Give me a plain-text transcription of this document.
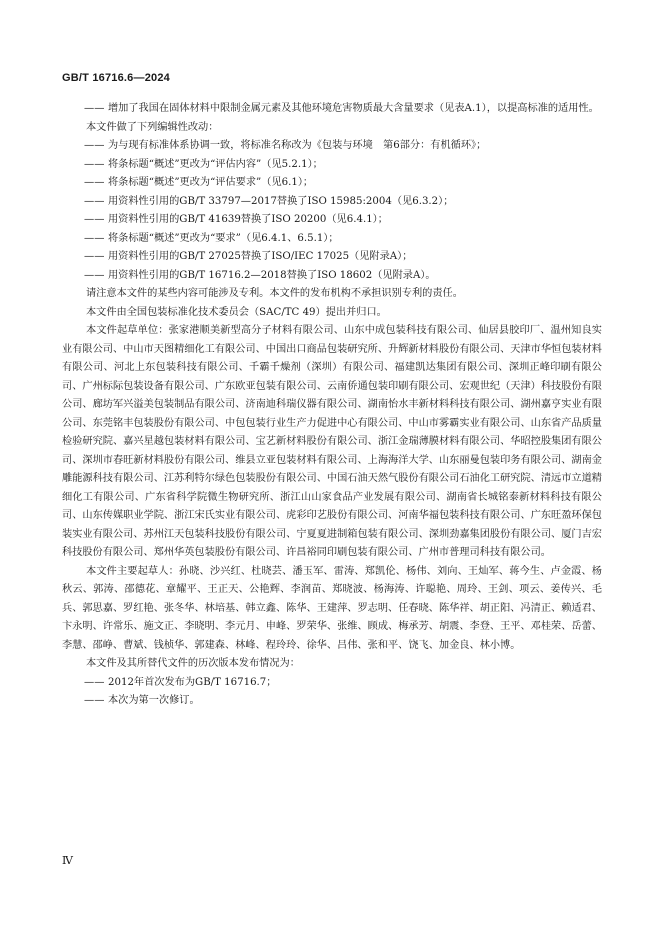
GB/T 16716.6—2024
—— 增加了我国在固体材料中限制金属元素及其他环境危害物质最大含量要求（见表A.1），以提高标准的适用性。
本文件做了下列编辑性改动：
—— 为与现有标准体系协调一致，将标准名称改为《包装与环境　第6部分：有机循环》；
—— 将条标题“概述”更改为“评估内容”（见5.2.1）；
—— 将条标题“概述”更改为“评估要求”（见6.1）；
—— 用资料性引用的GB/T 33797—2017替换了ISO 15985:2004（见6.3.2）；
—— 用资料性引用的GB/T 41639替换了ISO 20200（见6.4.1）；
—— 将条标题“概述”更改为“要求”（见6.4.1、6.5.1）；
—— 用资料性引用的GB/T 27025替换了ISO/IEC 17025（见附录A）；
—— 用资料性引用的GB/T 16716.2—2018替换了ISO 18602（见附录A）。
请注意本文件的某些内容可能涉及专利。本文件的发布机构不承担识别专利的责任。
本文件由全国包装标准化技术委员会（SAC/TC 49）提出并归口。
本文件起草单位：张家港顺美新型高分子材料有限公司、山东中成包装科技有限公司、仙居县胶印厂、温州知良实业有限公司、中山市天图精细化工有限公司、中国出口商品包装研究所、升辉新材料股份有限公司、天津市华恒包装材料有限公司、河北上东包装科技有限公司、千霸千燥剂（深圳）有限公司、福建凯达集团有限公司、深圳正峰印刷有限公司、广州标际包装设备有限公司、广东欧亚包装有限公司、云南侨通包装印刷有限公司、宏观世纪（天津）科技股份有限公司、廊坊军兴溢美包装制品有限公司、济南迪科瑞仪器有限公司、湖南怡水丰新材料科技有限公司、湖州嘉亨实业有限公司、东莞铭丰包装股份有限公司、中包包装行业生产力促进中心有限公司、中山市雾霸实业有限公司、山东省产品质量检验研究院、嘉兴星越包装材料有限公司、宝艺新材料股份有限公司、浙江金瑞薄膜材料有限公司、华昭控股集团有限公司、深圳市春旺新材料股份有限公司、维县立亚包装材料有限公司、上海海洋大学、山东丽曼包装印务有限公司、湖南金雕能源科技有限公司、江苏利特尔绿色包装股份有限公司、中国石油天然气股份有限公司石油化工研究院、清远市立道精细化工有限公司、广东省科学院微生物研究所、浙江山山家食品产业发展有限公司、湖南省长城铭泰新材料科技有限公司、山东传媒职业学院、浙江宋氏实业有限公司、虎彩印艺股份有限公司、河南华福包装科技有限公司、广东旺盈环保包装实业有限公司、苏州江天包装科技股份有限公司、宁夏夏进制箱包装有限公司、深圳劲嘉集团股份有限公司、厦门吉宏科技股份有限公司、郑州华英包装股份有限公司、许昌裕同印刷包装有限公司、广州市普理司科技有限公司。
本文件主要起草人：孙晓、沙兴红、杜晓芸、潘玉军、雷涛、郑凯伦、杨伟、刘向、王灿军、蒋今生、卢金霞、杨秋云、郭涛、邵德花、章耀平、王正天、公艳辉、李润苗、郑晓波、杨海涛、许聪艳、周玲、王剑、项云、姜传兴、毛兵、郭思嘉、罗红艳、张冬华、林培基、韩立鑫、陈华、王建萍、罗志明、任春晓、陈华祥、胡正阳、冯清正、赖适君、卞永明、许常乐、施文正、李晓明、李元月、申峰、罗荣华、张维、顾成、梅承芳、胡震、李登、王平、邓桂荣、岳蕾、李慧、邵峥、曹斌、钱桢华、郭建森、林峰、程玲玲、徐华、吕伟、张和平、饶飞、加金良、林小博。
本文件及其所替代文件的历次版本发布情况为：
—— 2012年首次发布为GB/T 16716.7；
—— 本次为第一次修订。
Ⅳ
